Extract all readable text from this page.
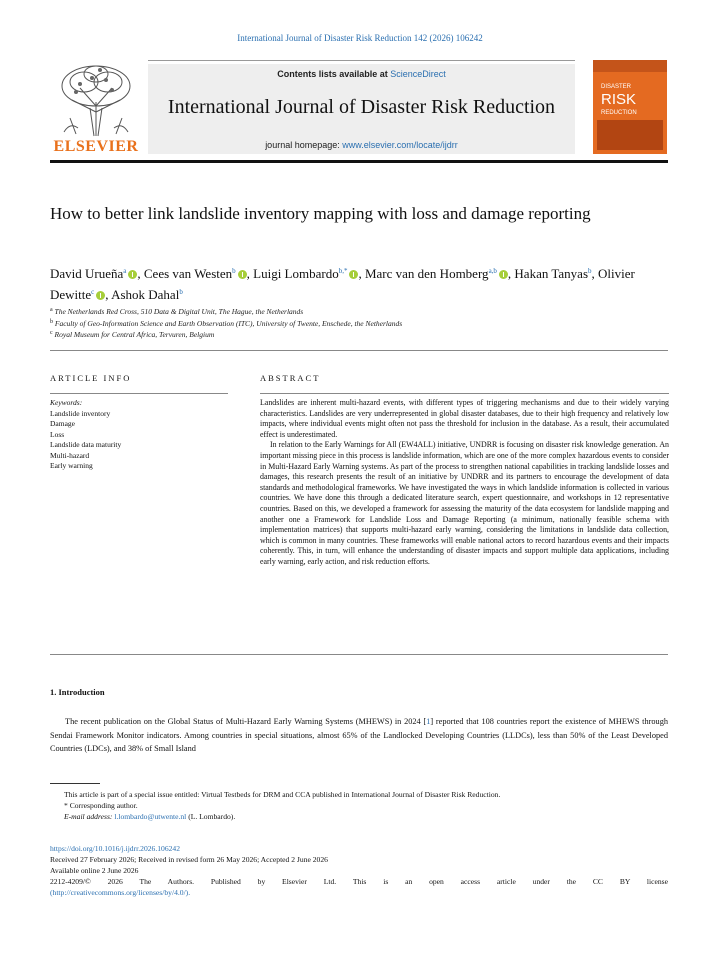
International Journal of Disaster Risk Reduction 142 (2026) 106242
ELSEVIER
Contents lists available at ScienceDirect
International Journal of Disaster Risk Reduction
journal homepage: www.elsevier.com/locate/ijdrr
DISASTER
RISK
REDUCTION
How to better link landslide inventory mapping with loss and damage reporting
David Urueña$^a$ , Cees van Westen$^b$ , Luigi Lombardo$^{b,*}$ , Marc van den Homberg$^{a,b}$ , Hakan Tanyas$^b$, Olivier Dewitte$^c$ , Ashok Dahal$^b$
$^a$ The Netherlands Red Cross, 510 Data & Digital Unit, The Hague, the Netherlands
$^b$ Faculty of Geo-Information Science and Earth Observation (ITC), University of Twente, Enschede, the Netherlands
$^c$ Royal Museum for Central Africa, Tervuren, Belgium
ARTICLE INFO
Keywords:
Landslide inventory
Damage
Loss
Landslide data maturity
Multi-hazard
Early warning
ABSTRACT

Landslides are inherent multi-hazard events, with different types of triggering mechanisms and due to their widely varying characteristics. Landslides are very underrepresented in global disaster databases, due to their high frequency and relatively low impacts, where individual events might often not pass the threshold for inclusion in the database. As a result, their accumulated effect is underestimated.

In relation to the Early Warnings for All (EW4ALL) initiative, UNDRR is focusing on disaster risk knowledge generation. An important missing piece in this process is landslide information, which are one of the more complex hazardous events to consider in Multi-Hazard Early Warning systems. As part of the process to strengthen national capabilities in tracking landslide losses and damages, this research presents the result of an initiative by UNDRR and its partners to encourage the development of data standards and methodological frameworks. We have investigated the ways in which landslide information is collected in various countries. We have done this through a dedicated literature search, expert questionnaire, and workshops in 12 representative countries. Based on this, we developed a framework for assessing the maturity of the data ecosystem for landslide mapping and another one a Framework for Landslide Loss and Damage Reporting (a minimum, nationally feasible schema with implementation matrices) that supports multi-hazard early warning, considering the limitations in landslide data collection, which is common in many countries. These frameworks will enable national actors to record hazardous events and their impacts coherently. This, in turn, will enhance the understanding of disaster impacts and support multiple data applications, including early warning, early action, and risk reduction efforts.

1. Introduction
The recent publication on the Global Status of Multi-Hazard Early Warning Systems (MHEWS) in 2024 [1] reported that 108 countries report the existence of MHEWS through Sendai Framework Monitor indicators. Among countries in special situations, almost 65% of the Landlocked Developing Countries (LLDCs), less than 50% of the Least Developed Countries (LDCs), and 38% of Small Island
This article is part of a special issue entitled: Virtual Testbeds for DRM and CCA published in International Journal of Disaster Risk Reduction.
* Corresponding author.
E-mail address: l.lombardo@utwente.nl (L. Lombardo).
https://doi.org/10.1016/j.ijdrr.2026.106242
Received 27 February 2026; Received in revised form 26 May 2026; Accepted 2 June 2026
Available online 2 June 2026
2212-4209/© 2026 The Authors. Published by Elsevier Ltd. This is an open access article under the CC BY license
(http://creativecommons.org/licenses/by/4.0/).
